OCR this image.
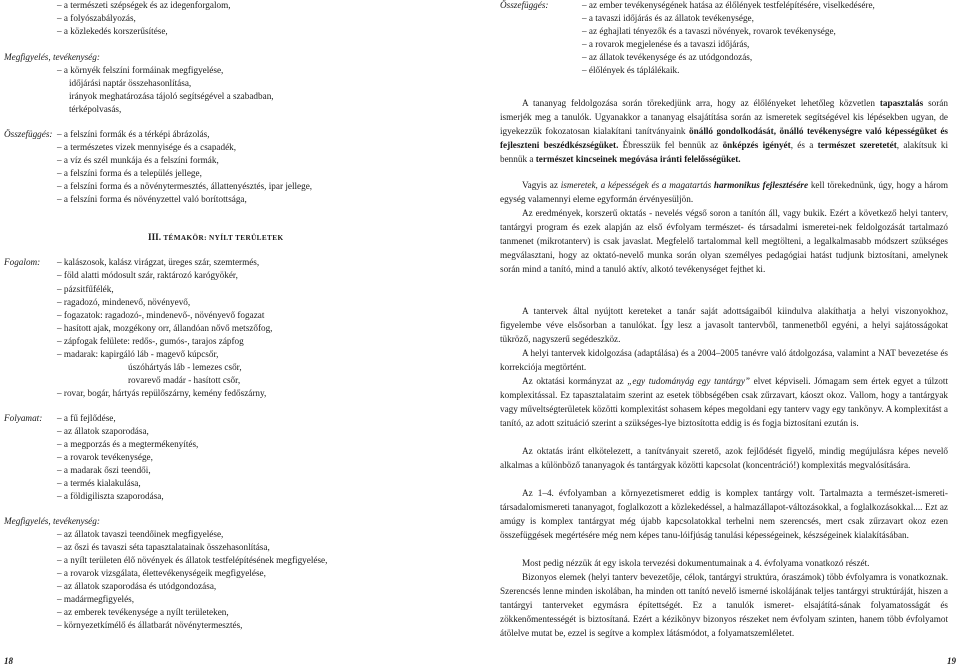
– a természeti szépségek és az idegenforgalom,
– a folyószabályozás,
– a közlekedés korszerűsítése,
Megfigyelés, tevékenység:
– a környék felszíni formáinak megfigyelése,
időjárási naptár összehasonlítása,
irányok meghatározása tájoló segítségével a szabadban,
térképolvasás,
Összefüggés: – a felszíni formák és a térképi ábrázolás,
– a természetes vizek mennyisége és a csapadék,
– a víz és szél munkája és a felszíni formák,
– a felszíni forma és a település jellege,
– a felszíni forma és a növénytermesztés, állattenyésztés, ipar jellege,
– a felszíni forma és növényzettel való borítottsága,
III. TÉMAKÖR: NYÍLT TERÜLETEK
Fogalom: – kalászosok, kalász virágzat, üreges szár, szemtermés,
– föld alatti módosult szár, raktározó karógyökér,
– pázsitfűfélék,
– ragadozó, mindenevő, növényevő,
– fogazatok: ragadozó-, mindenevő-, növényevő fogazat
– hasított ajak, mozgékony orr, állandóan nővő metszőfog,
– zápfogak felülete: redős-, gumós-, tarajos zápfog
– madarak: kapirgáló láb - magevő kúpcsőr,
úszóhártyás láb - lemezes csőr,
rovarevő madár - hasított csőr,
– rovar, bogár, hártyás repülőszárny, kemény fedőszárny,
Folyamat: – a fű fejlődése,
– az állatok szaporodása,
– a megporzás és a megtermékenyítés,
– a rovarok tevékenysége,
– a madarak őszi teendői,
– a termés kialakulása,
– a földigiliszta szaporodása,
Megfigyelés, tevékenység:
– az állatok tavaszi teendőinek megfigyelése,
– az őszi és tavaszi séta tapasztalatainak összehasonlítása,
– a nyílt területen élő növények és állatok testfelépítésének megfigyelése,
– a rovarok vizsgálata, élettevékenységeik megfigyelése,
– az állatok szaporodása és utódgondozása,
– madármegfigyelés,
– az emberek tevékenysége a nyílt területeken,
– környezetkímélő és állatbarát növénytermesztés,
18
Összefüggés:	– az ember tevékenységének hatása az élőlények testfelépítésére, viselkedésére,
– a tavaszi időjárás és az állatok tevékenysége,
– az éghajlati tényezők és a tavaszi növények, rovarok tevékenysége,
– a rovarok megjelenése és a tavaszi időjárás,
– az állatok tevékenysége és az utódgondozás,
– élőlények és táplálékaik.

A tananyag feldolgozása során törekedjünk arra, hogy az élőlényeket lehetőleg közvetlen tapasztalás során ismerjék meg a tanulók. Ugyanakkor a tananyag elsajátítása során az ismeretek segítségével kis lépésekben ugyan, de igyekezzük fokozatosan kialakítani tanítványaink önálló gondolkodását, önálló tevékenységre való képességüket és fejleszteni beszédkészségüket. Ébresszük fel bennük az önképzés igényét, és a természet szeretetét, alakítsuk ki bennük a természet kincseinek megóvása iránti felelősségüket.

Vagyis az ismeretek, a képességek és a magatartás harmonikus fejlesztésére kell törekednünk, úgy, hogy a három egység valamennyi eleme egyformán érvényesüljön.

Az eredmények, korszerű oktatás - nevelés végső soron a tanítón áll, vagy bukik. Ezért a következő helyi tanterv, tantárgyi program és ezek alapján az első évfolyam természet- és társadalmi ismeretei-nek feldolgozását tartalmazó tanmenet (mikrotanterv) is csak javaslat. Megfelelő tartalommal kell megtölteni, a legalkalmasabb módszert szükséges megválasztani, hogy az oktató-nevelő munka során olyan személyes pedagógiai hatást tudjunk biztosítani, amelynek során mind a tanító, mind a tanuló aktív, alkotó tevékenységet fejthet ki.

A tantervek által nyújtott kereteket a tanár saját adottságaiból kiindulva alakíthatja a helyi viszonyokhoz, figyelembe véve elsősorban a tanulókat. Így lesz a javasolt tantervből, tanmenetből egyéni, a helyi sajátosságokat tükröző, nagyszerű segédeszköz.

A helyi tantervek kidolgozása (adaptálása) és a 2004–2005 tanévre való átdolgozása, valamint a NAT bevezetése és korrekciója megtörtént.

Az oktatási kormányzat az „egy tudományág egy tantárgy” elvet képviseli. Jómagam sem értek egyet a túlzott komplexitással. Ez tapasztalataim szerint az esetek többségében csak zűrzavart, káoszt okoz. Vallom, hogy a tantárgyak vagy műveltségterületek közötti komplexitást sohasem képes megoldani egy tanterv vagy egy tankönyv. A komplexitást a tanító, az adott szituáció szerint a szükséges-lye biztosította eddig is és fogja biztosítani ezután is.

Az oktatás iránt elkötelezett, a tanítványait szerető, azok fejlődését figyelő, mindig megújulásra képes nevelő alkalmas a különböző tananyagok és tantárgyak közötti kapcsolat (koncentráció!) komplexitás megvalósítására.

Az 1–4. évfolyamban a környezetismeret eddig is komplex tantárgy volt. Tartalmazta a természet-ismereti- társadalomismereti tananyagot, foglalkozott a közlekedéssel, a halmazállapot-változásokkal, a foglalkozásokkal.... Ezt az amúgy is komplex tantárgyat még újabb kapcsolatokkal terhelni nem szerencsés, mert csak zűrzavart okoz ezen összefüggések megértésére még nem képes tanu-lóifjúság tanulási képességeinek, készségeinek kialakításában.

Most pedig nézzük át egy iskola tervezési dokumentumainak a 4. évfolyama vonatkozó részét.

Bizonyos elemek (helyi tanterv bevezetője, célok, tantárgyi struktúra, óraszámok) több évfolyamra is vonatkoznak. Szerencsés lenne minden iskolában, ha minden ott tanító nevelő ismerné iskolájának teljes tantárgyi struktúráját, hiszen a tantárgyi tanterveket egymásra építettségét. Ez a tanulók ismeret- elsajátítá-sának folyamatosságát és zökkenőmentességét is biztosítaná. Ezért a kézikönyv bizonyos részeket nem évfolyam szinten, hanem több évfolyamot átölelve mutat be, ezzel is segítve a komplex látásmódot, a folyamatszemléletet.

19
